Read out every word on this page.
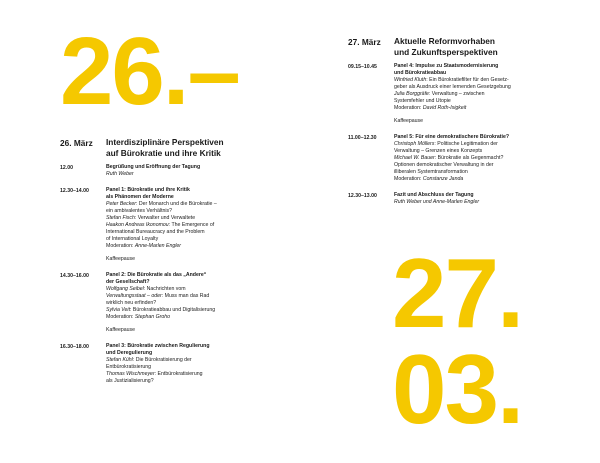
26.–
27.
03.
26. März	Interdisziplinäre Perspektiven
auf Bürokratie und ihre Kritik
27. März	Aktuelle Reformvorhaben
und Zukunftsperspektiven
12.00	Begrüßung und Eröffnung der Tagung
Ruth Weber
12.30–14.00	Panel 1: Bürokratie und ihre Kritik
als Phänomen der Moderne
Peter Becker: Der Monarch und die Bürokratie –
ein ambivalentes Verhältnis?
Stefan Fisch: Verwalter und Verwaltete
Haakon Andreas Ikonomou: The Emergence of
International Bureaucracy and the Problem
of International Loyalty
Moderation: Anne-Marlen Engler
Kaffeepause
14.30–16.00	Panel 2: Die Bürokratie als das „Andere“
der Gesellschaft?
Wolfgang Seibel: Nachrichten vom
Verwaltungsstaat – oder: Muss man das Rad
wirklich neu erfinden?
Sylvia Veit: Bürokratieabbau und Digitalisierung
Moderation: Stephan Groho
Kaffeepause
16.30–18.00	Panel 3: Bürokratie zwischen Regulierung
und Deregulierung
Stefan Kühl: Die Bürokratisierung der
Entbürokratisierung
Thomas Wischmeyer: Entbürokratisierung
als Justizialisierung?
09.15–10.45	Panel 4: Impulse zu Staatsmodernisierung
und Bürokratieabbau
Winfried Kluth: Ein Bürokratiefilter für den Gesetz-
geber als Ausdruck einer lernenden Gesetzgebung
Julia Borggräfe: Verwaltung – zwischen
Systemfehler und Utopie
Moderation: David Roth-Isigkeit
Kaffeepause
11.00–12.30	Panel 5: Für eine demokratischere Bürokratie?
Christoph Möllers: Politische Legitimation der
Verwaltung – Grenzen eines Konzepts
Michael W. Bauer: Bürokratie als Gegenmacht?
Optionen demokratischer Verwaltung in der
illiberalen Systemtransformation
Moderation: Constanze Janda
12.30–13.00	Fazit und Abschluss der Tagung
Ruth Weber und Anne-Marlen Engler
